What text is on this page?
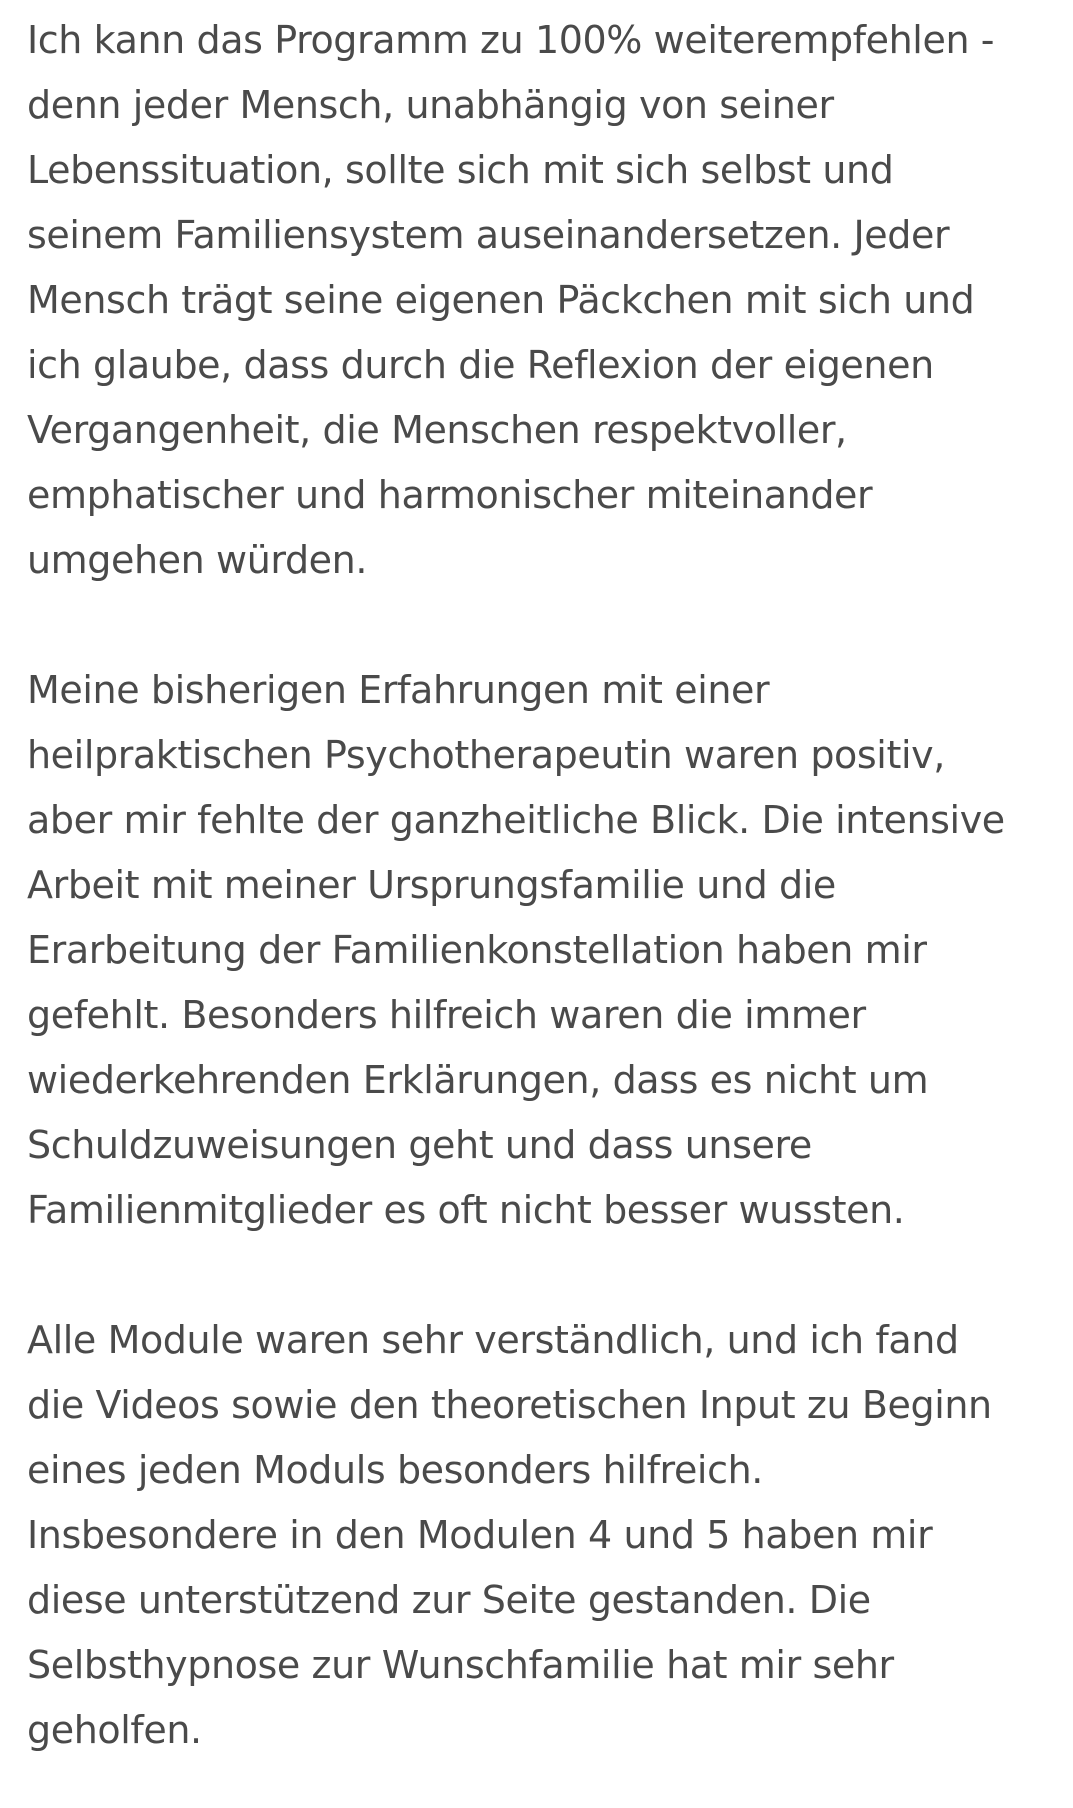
Ich kann das Programm zu 100% weiterempfehlen -
denn jeder Mensch, unabhängig von seiner
Lebenssituation, sollte sich mit sich selbst und
seinem Familiensystem auseinandersetzen. Jeder
Mensch trägt seine eigenen Päckchen mit sich und
ich glaube, dass durch die Reflexion der eigenen
Vergangenheit, die Menschen respektvoller,
emphatischer und harmonischer miteinander
umgehen würden.

Meine bisherigen Erfahrungen mit einer
heilpraktischen Psychotherapeutin waren positiv,
aber mir fehlte der ganzheitliche Blick. Die intensive
Arbeit mit meiner Ursprungsfamilie und die
Erarbeitung der Familienkonstellation haben mir
gefehlt. Besonders hilfreich waren die immer
wiederkehrenden Erklärungen, dass es nicht um
Schuldzuweisungen geht und dass unsere
Familienmitglieder es oft nicht besser wussten.

Alle Module waren sehr verständlich, und ich fand
die Videos sowie den theoretischen Input zu Beginn
eines jeden Moduls besonders hilfreich.
Insbesondere in den Modulen 4 und 5 haben mir
diese unterstützend zur Seite gestanden. Die
Selbsthypnose zur Wunschfamilie hat mir sehr
geholfen.
